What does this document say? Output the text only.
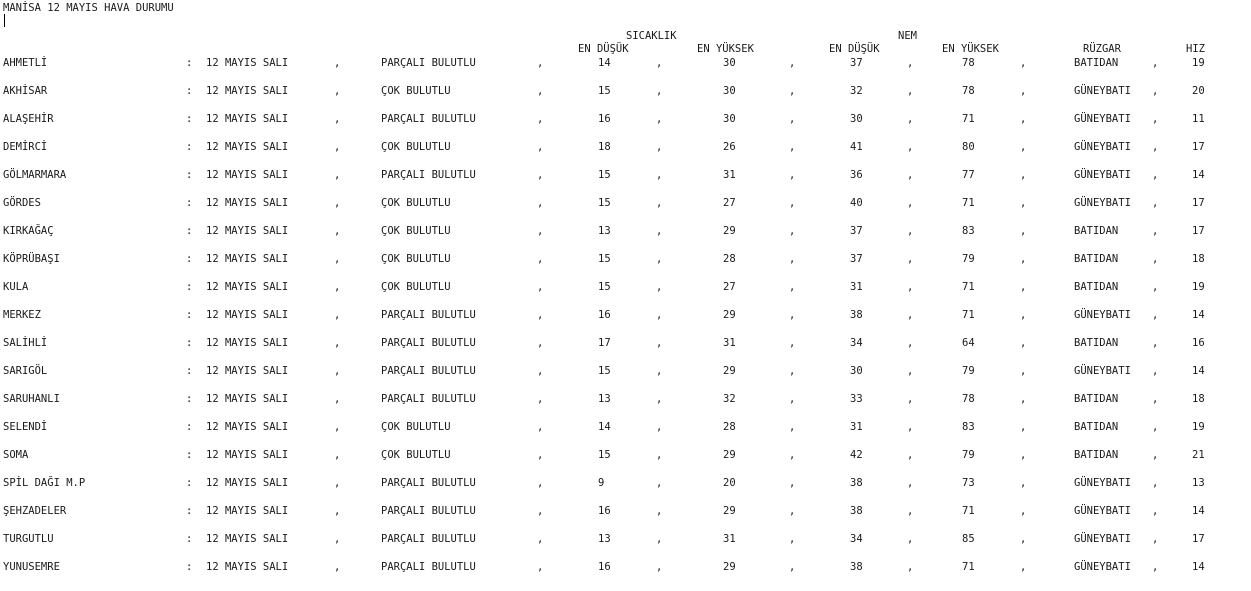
MANİSA 12 MAYIS HAVA DURUMU
SICAKLIK	NEM
EN DÜŞÜK	EN YÜKSEK	EN DÜŞÜK	EN YÜKSEK	RÜZGAR	HIZ
AHMETLİ	: 12 MAYIS SALI	,	PARÇALI BULUTLU	,	14	,	30	,	37	,	78	,	BATIDAN	,	19
AKHİSAR	: 12 MAYIS SALI	,	ÇOK BULUTLU	,	15	,	30	,	32	,	78	,	GÜNEYBATI ,	20
ALAŞEHİR	: 12 MAYIS SALI	,	PARÇALI BULUTLU	,	16	,	30	,	30	,	71	,	GÜNEYBATI ,	11
DEMİRCİ	: 12 MAYIS SALI	,	ÇOK BULUTLU	,	18	,	26	,	41	,	80	,	GÜNEYBATI ,	17
GÖLMARMARA	: 12 MAYIS SALI	,	PARÇALI BULUTLU	,	15	,	31	,	36	,	77	,	GÜNEYBATI ,	14
GÖRDES	: 12 MAYIS SALI	,	ÇOK BULUTLU	,	15	,	27	,	40	,	71	,	GÜNEYBATI ,	17
KIRKAĞAÇ	: 12 MAYIS SALI	,	ÇOK BULUTLU	,	13	,	29	,	37	,	83	,	BATIDAN	,	17
KÖPRÜBAŞI	: 12 MAYIS SALI	,	ÇOK BULUTLU	,	15	,	28	,	37	,	79	,	BATIDAN	,	18
KULA	: 12 MAYIS SALI	,	ÇOK BULUTLU	,	15	,	27	,	31	,	71	,	BATIDAN	,	19
MERKEZ	: 12 MAYIS SALI	,	PARÇALI BULUTLU	,	16	,	29	,	38	,	71	,	GÜNEYBATI ,	14
SALİHLİ	: 12 MAYIS SALI	,	PARÇALI BULUTLU	,	17	,	31	,	34	,	64	,	BATIDAN	,	16
SARIGÖL	: 12 MAYIS SALI	,	PARÇALI BULUTLU	,	15	,	29	,	30	,	79	,	GÜNEYBATI ,	14
SARUHANLI	: 12 MAYIS SALI	,	PARÇALI BULUTLU	,	13	,	32	,	33	,	78	,	BATIDAN	,	18
SELENDİ	: 12 MAYIS SALI	,	ÇOK BULUTLU	,	14	,	28	,	31	,	83	,	BATIDAN	,	19
SOMA	: 12 MAYIS SALI	,	ÇOK BULUTLU	,	15	,	29	,	42	,	79	,	BATIDAN	,	21
SPİL DAĞI M.P	: 12 MAYIS SALI	,	PARÇALI BULUTLU	,	9	,	20	,	38	,	73	,	GÜNEYBATI ,	13
ŞEHZADELER	: 12 MAYIS SALI	,	PARÇALI BULUTLU	,	16	,	29	,	38	,	71	,	GÜNEYBATI ,	14
TURGUTLU	: 12 MAYIS SALI	,	PARÇALI BULUTLU	,	13	,	31	,	34	,	85	,	GÜNEYBATI ,	17
YUNUSEMRE	: 12 MAYIS SALI	,	PARÇALI BULUTLU	,	16	,	29	,	38	,	71	,	GÜNEYBATI ,	14
